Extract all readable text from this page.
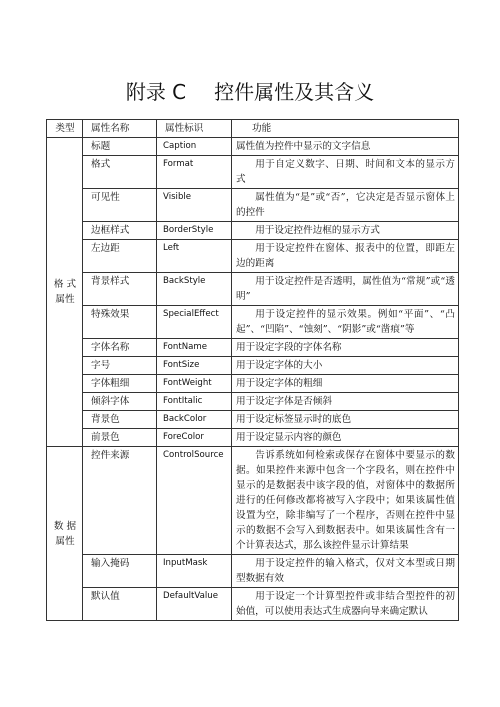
附录 C 控件属性及其含义
类型	属性名称	属性标识	功能

格 式
属性	标题	Caption	属性值为控件中显示的文字信息
	格式	Format	用于自定义数字、日期、时间和文本的显示方式
	可见性	Visible	属性值为“是”或“否”，它决定是否显示窗体上的控件
	边框样式	BorderStyle	用于设定控件边框的显示方式
	左边距	Left	用于设定控件在窗体、报表中的位置，即距左边的距离
	背景样式	BackStyle	用于设定控件是否透明，属性值为“常规”或“透明”
	特殊效果	SpecialEffect	用于设定控件的显示效果。例如“平面”、“凸起”、“凹陷”、“蚀刻”、“阴影”或“凿痕”等
	字体名称	FontName	用于设定字段的字体名称
	字号	FontSize	用于设定字体的大小
	字体粗细	FontWeight	用于设定字体的粗细
	倾斜字体	FontItalic	用于设定字体是否倾斜
	背景色	BackColor	用于设定标签显示时的底色
	前景色	ForeColor	用于设定显示内容的颜色

数 据
属性	控件来源	ControlSource	告诉系统如何检索或保存在窗体中要显示的数据。如果控件来源中包含一个字段名，则在控件中显示的是数据表中该字段的值，对窗体中的数据所进行的任何修改都将被写入字段中；如果该属性值设置为空，除非编写了一个程序，否则在控件中显示的数据不会写入到数据表中。如果该属性含有一个计算表达式，那么该控件显示计算结果
	输入掩码	InputMask	用于设定控件的输入格式，仅对文本型或日期型数据有效
	默认值	DefaultValue	用于设定一个计算型控件或非结合型控件的初始值，可以使用表达式生成器向导来确定默认
